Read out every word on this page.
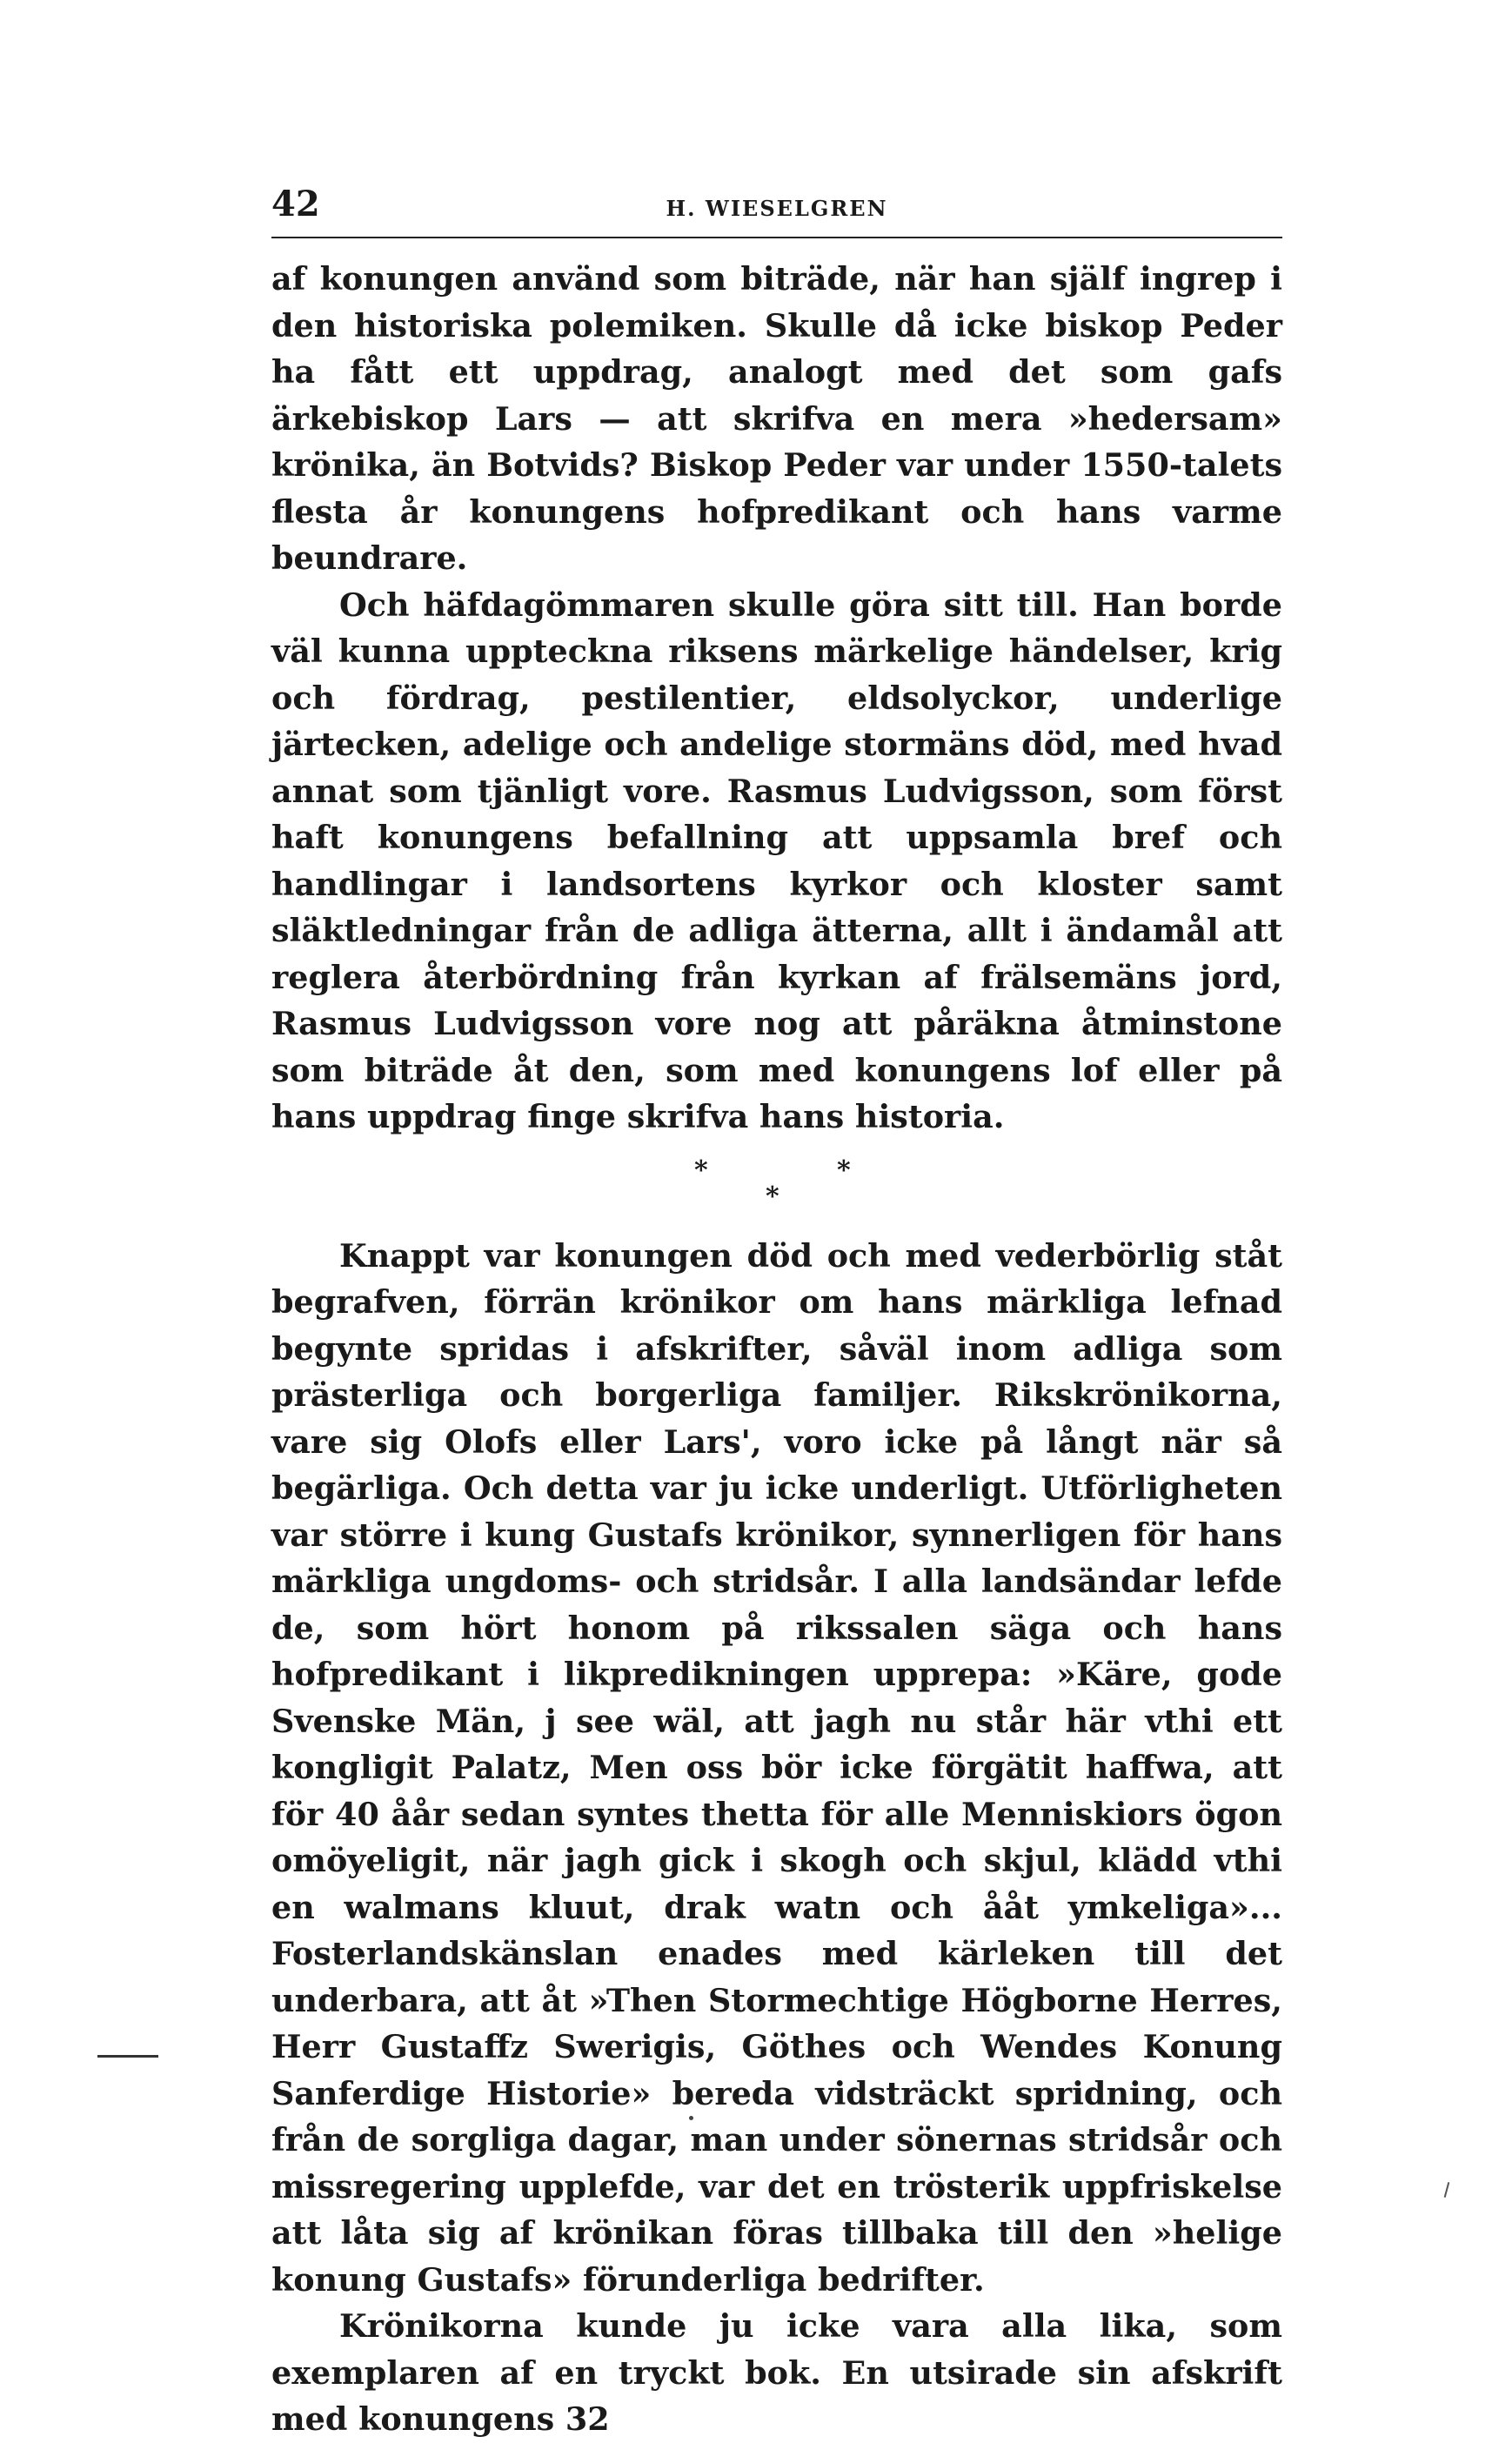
42	H. WIESELGREN

af konungen använd som biträde, när han själf ingrep i den historiska polemiken. Skulle då icke biskop Peder ha fått ett uppdrag, analogt med det som gafs ärkebiskop Lars — att skrifva en mera »hedersam» krönika, än Botvids? Biskop Peder var under 1550-talets flesta år konungens hofpredikant och hans varme beundrare.

Och häfdagömmaren skulle göra sitt till. Han borde väl kunna uppteckna riksens märkelige händelser, krig och fördrag, pestilentier, eldsolyckor, underlige järtecken, adelige och andelige stormäns död, med hvad annat som tjänligt vore. Rasmus Ludvigsson, som först haft konungens befallning att uppsamla bref och handlingar i landsortens kyrkor och kloster samt släktledningar från de adliga ätterna, allt i ändamål att reglera återbördning från kyrkan af frälsemäns jord, Rasmus Ludvigsson vore nog att påräkna åtminstone som biträde åt den, som med konungens lof eller på hans uppdrag finge skrifva hans historia.

*	*
*

Knappt var konungen död och med vederbörlig ståt begrafven, förrän krönikor om hans märkliga lefnad begynte spridas i afskrifter, såväl inom adliga som prästerliga och borgerliga familjer. Rikskrönikorna, vare sig Olofs eller Lars', voro icke på långt när så begärliga. Och detta var ju icke underligt. Utförligheten var större i kung Gustafs krönikor, synnerligen för hans märkliga ungdoms- och stridsår. I alla landsändar lefde de, som hört honom på rikssalen säga och hans hofpredikant i likpredikningen upprepa: »Käre, gode Svenske Män, j see wäl, att jagh nu står här vthi ett kongligit Palatz, Men oss bör icke förgätit haffwa, att för 40 åår sedan syntes thetta för alle Menniskiors ögon omöyeligit, när jagh gick i skogh och skjul, klädd vthi en walmans kluut, drak watn och ååt ymkeliga»... Fosterlandskänslan enades med kärleken till det underbara, att åt »Then Stormechtige Högborne Herres, Herr Gustaffz Swerigis, Göthes och Wendes Konung Sanferdige Historie» bereda vidsträckt spridning, och från de sorgliga dagar, man under sönernas stridsår och missregering upplefde, var det en trösterik uppfriskelse att låta sig af krönikan föras tillbaka till den »helige konung Gustafs» förunderliga bedrifter.

Krönikorna kunde ju icke vara alla lika, som exemplaren af en tryckt bok. En utsirade sin afskrift med konungens 32
